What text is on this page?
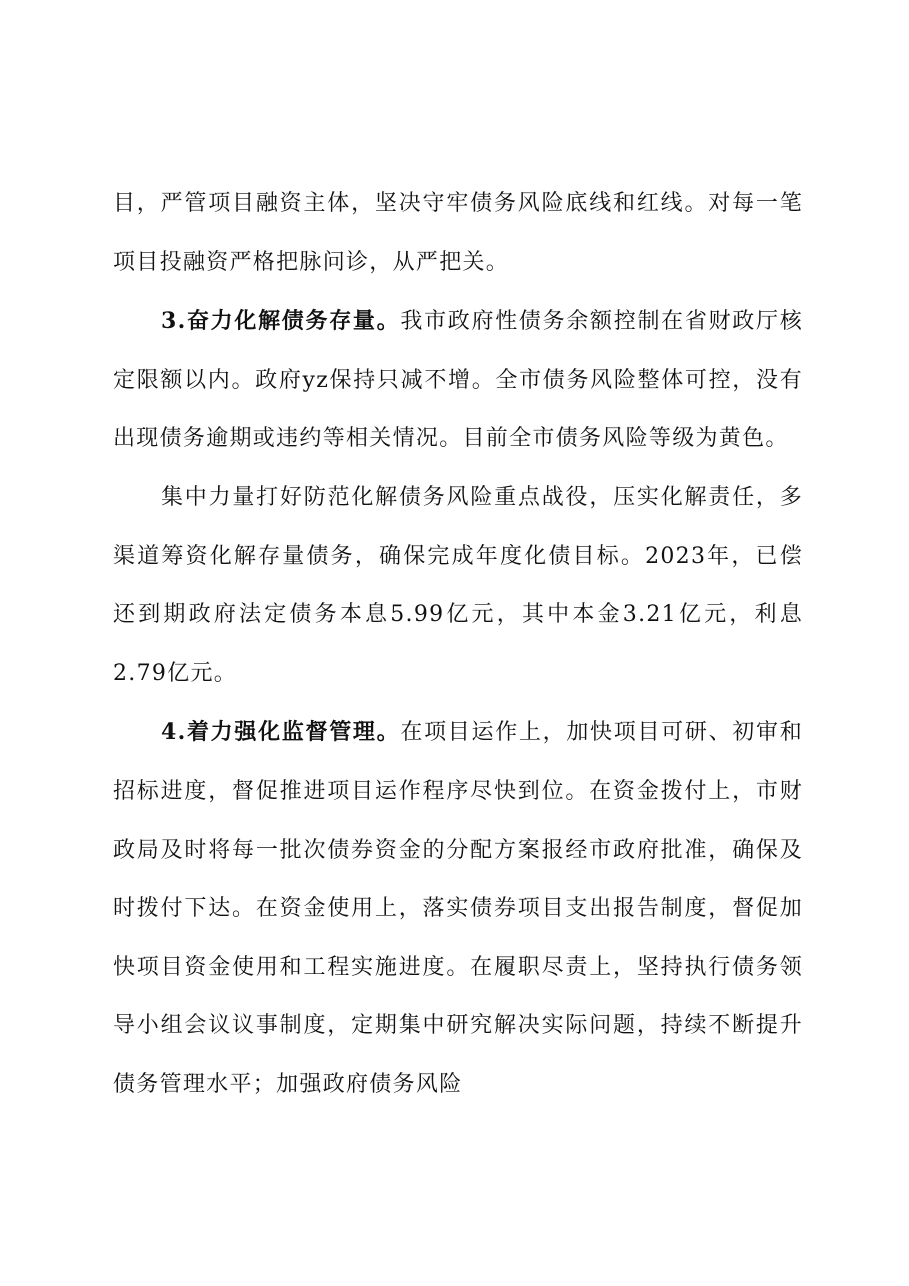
目，严管项目融资主体，坚决守牢债务风险底线和红线。对每一笔项目投融资严格把脉问诊，从严把关。

3.奋力化解债务存量。我市政府性债务余额控制在省财政厅核定限额以内。政府yz保持只减不增。全市债务风险整体可控，没有出现债务逾期或违约等相关情况。目前全市债务风险等级为黄色。

集中力量打好防范化解债务风险重点战役，压实化解责任，多渠道筹资化解存量债务，确保完成年度化债目标。2023年，已偿还到期政府法定债务本息5.99亿元，其中本金3.21亿元，利息2.79亿元。

4.着力强化监督管理。在项目运作上，加快项目可研、初审和招标进度，督促推进项目运作程序尽快到位。在资金拨付上，市财政局及时将每一批次债券资金的分配方案报经市政府批准，确保及时拨付下达。在资金使用上，落实债券项目支出报告制度，督促加快项目资金使用和工程实施进度。在履职尽责上，坚持执行债务领导小组会议议事制度，定期集中研究解决实际问题，持续不断提升债务管理水平；加强政府债务风险
